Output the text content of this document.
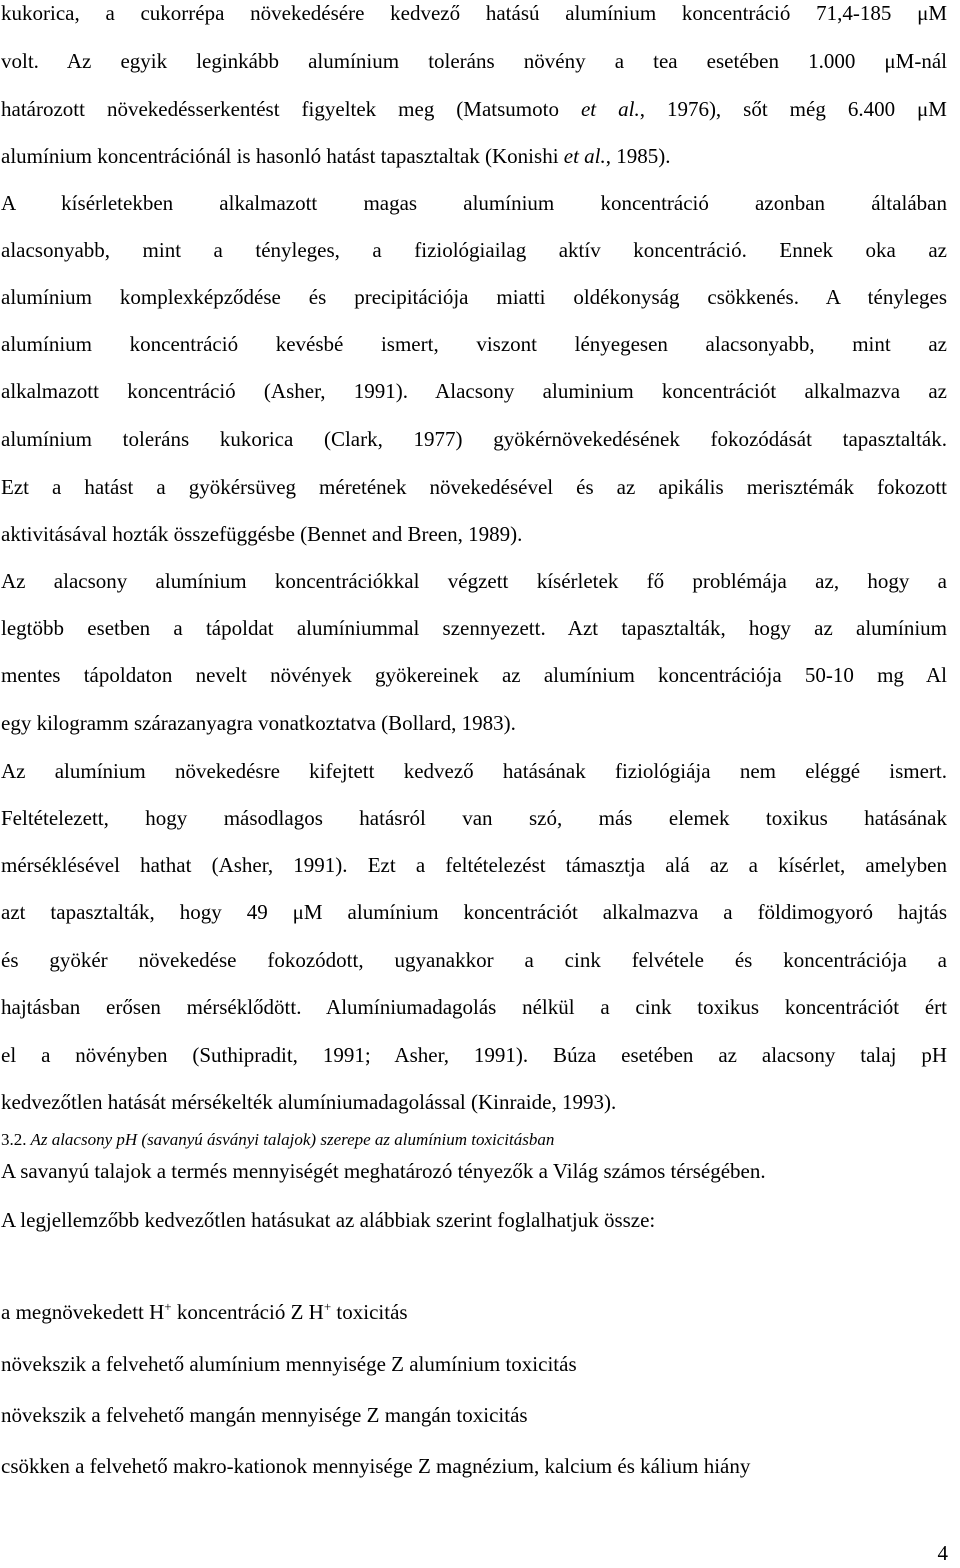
kukorica, a cukorrépa növekedésére kedvező hatású alumínium koncentráció 71,4-185 μM
volt. Az egyik leginkább alumínium toleráns növény a tea esetében 1.000 μM-nál
határozott növekedésserkentést figyeltek meg (Matsumoto et al., 1976), sőt még 6.400 μM
alumínium koncentrációnál is hasonló hatást tapasztaltak (Konishi et al., 1985).
A kísérletekben alkalmazott magas alumínium koncentráció azonban általában
alacsonyabb, mint a tényleges, a fiziológiailag aktív koncentráció. Ennek oka az
alumínium komplexképződése és precipitációja miatti oldékonyság csökkenés. A tényleges
alumínium koncentráció kevésbé ismert, viszont lényegesen alacsonyabb, mint az
alkalmazott koncentráció (Asher, 1991). Alacsony aluminium koncentrációt alkalmazva az
alumínium toleráns kukorica (Clark, 1977) gyökérnövekedésének fokozódását tapasztalták.
Ezt a hatást a gyökérsüveg méretének növekedésével és az apikális merisztémák fokozott
aktivitásával hozták összefüggésbe (Bennet and Breen, 1989).
Az alacsony alumínium koncentrációkkal végzett kísérletek fő problémája az, hogy a
legtöbb esetben a tápoldat alumíniummal szennyezett. Azt tapasztalták, hogy az alumínium
mentes tápoldaton nevelt növények gyökereinek az alumínium koncentrációja 50-10 mg Al
egy kilogramm szárazanyagra vonatkoztatva (Bollard, 1983).
Az alumínium növekedésre kifejtett kedvező hatásának fiziológiája nem eléggé ismert.
Feltételezett, hogy másodlagos hatásról van szó, más elemek toxikus hatásának
mérséklésével hathat (Asher, 1991). Ezt a feltételezést támasztja alá az a kísérlet, amelyben
azt tapasztalták, hogy 49 μM alumínium koncentrációt alkalmazva a földimogyoró hajtás
és gyökér növekedése fokozódott, ugyanakkor a cink felvétele és koncentrációja a
hajtásban erősen mérséklődött. Alumíniumadagolás nélkül a cink toxikus koncentrációt ért
el a növényben (Suthipradit, 1991; Asher, 1991). Búza esetében az alacsony talaj pH
kedvezőtlen hatását mérsékelték alumíniumadagolással (Kinraide, 1993).
3.2. Az alacsony pH (savanyú ásványi talajok) szerepe az alumínium toxicitásban
A savanyú talajok a termés mennyiségét meghatározó tényezők a Világ számos térségében.
A legjellemzőbb kedvezőtlen hatásukat az alábbiak szerint foglalhatjuk össze:
a megnövekedett H+ koncentráció Z H+ toxicitás
növekszik a felvehető alumínium mennyisége Z alumínium toxicitás
növekszik a felvehető mangán mennyisége Z mangán toxicitás
csökken a felvehető makro-kationok mennyisége Z magnézium, kalcium és kálium hiány
4
